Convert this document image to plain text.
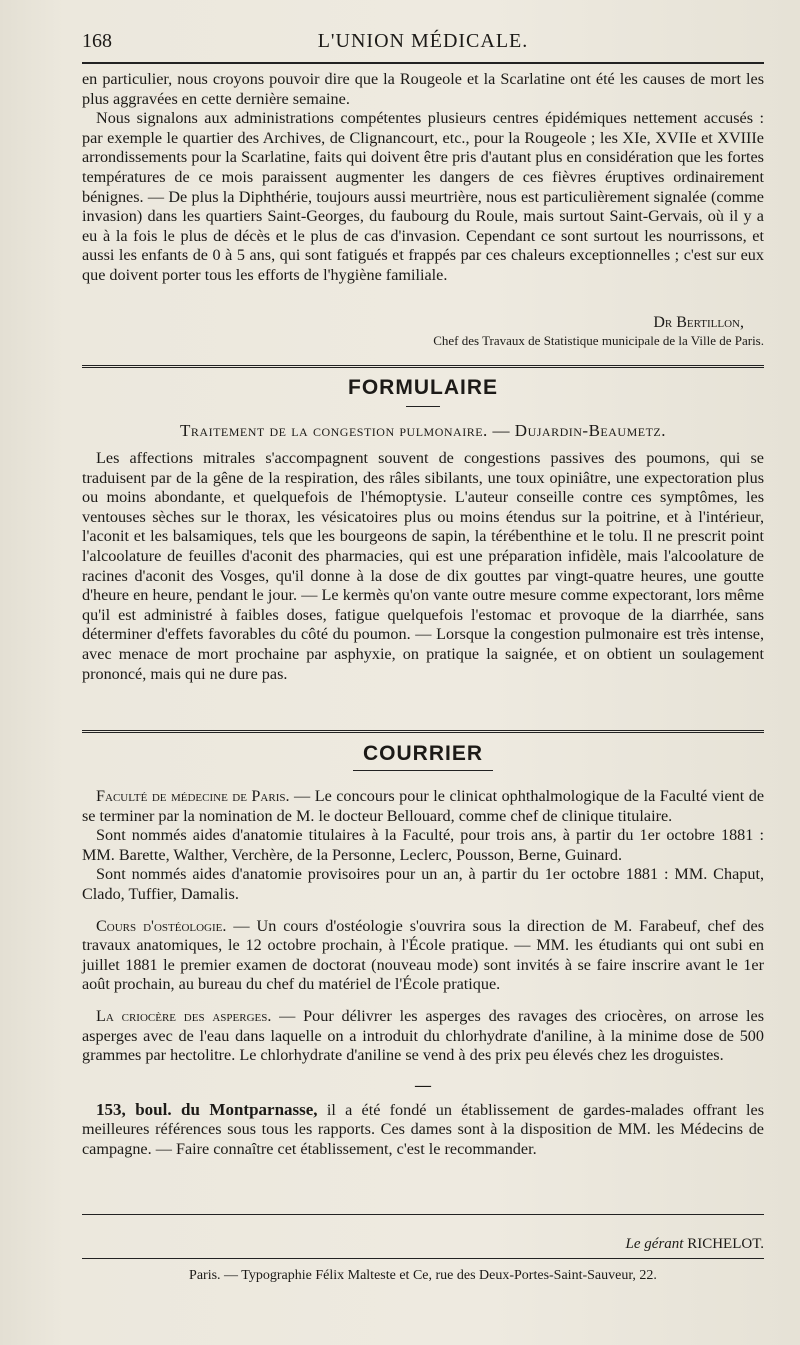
168	L'UNION MÉDICALE.

en particulier, nous croyons pouvoir dire que la Rougeole et la Scarlatine ont été les causes de mort les plus aggravées en cette dernière semaine.

Nous signalons aux administrations compétentes plusieurs centres épidémiques nettement accusés : par exemple le quartier des Archives, de Clignancourt, etc., pour la Rougeole ; les XIe, XVIIe et XVIIIe arrondissements pour la Scarlatine, faits qui doivent être pris d'autant plus en considération que les fortes températures de ce mois paraissent augmenter les dangers de ces fièvres éruptives ordinairement bénignes. — De plus la Diphthérie, toujours aussi meurtrière, nous est particulièrement signalée (comme invasion) dans les quartiers Saint-Georges, du faubourg du Roule, mais surtout Saint-Gervais, où il y a eu à la fois le plus de décès et le plus de cas d'invasion. Cependant ce sont surtout les nourrissons, et aussi les enfants de 0 à 5 ans, qui sont fatigués et frappés par ces chaleurs exceptionnelles ; c'est sur eux que doivent porter tous les efforts de l'hygiène familiale.

Dr Bertillon,
Chef des Travaux de Statistique municipale de la Ville de Paris.
FORMULAIRE
Traitement de la congestion pulmonaire. — Dujardin-Beaumetz.

Les affections mitrales s'accompagnent souvent de congestions passives des poumons, qui se traduisent par de la gêne de la respiration, des râles sibilants, une toux opiniâtre, une expectoration plus ou moins abondante, et quelquefois de l'hémoptysie. L'auteur conseille contre ces symptômes, les ventouses sèches sur le thorax, les vésicatoires plus ou moins étendus sur la poitrine, et à l'intérieur, l'aconit et les balsamiques, tels que les bourgeons de sapin, la térébenthine et le tolu. Il ne prescrit point l'alcoolature de feuilles d'aconit des pharmacies, qui est une préparation infidèle, mais l'alcoolature de racines d'aconit des Vosges, qu'il donne à la dose de dix gouttes par vingt-quatre heures, une goutte d'heure en heure, pendant le jour. — Le kermès qu'on vante outre mesure comme expectorant, lors même qu'il est administré à faibles doses, fatigue quelquefois l'estomac et provoque de la diarrhée, sans déterminer d'effets favorables du côté du poumon. — Lorsque la congestion pulmonaire est très intense, avec menace de mort prochaine par asphyxie, on pratique la saignée, et on obtient un soulagement prononcé, mais qui ne dure pas.

COURRIER

Faculté de médecine de Paris. — Le concours pour le clinicat ophthalmologique de la Faculté vient de se terminer par la nomination de M. le docteur Bellouard, comme chef de clinique titulaire.

Sont nommés aides d'anatomie titulaires à la Faculté, pour trois ans, à partir du 1er octobre 1881 : MM. Barette, Walther, Verchère, de la Personne, Leclerc, Pousson, Berne, Guinard.

Sont nommés aides d'anatomie provisoires pour un an, à partir du 1er octobre 1881 : MM. Chaput, Clado, Tuffier, Damalis.

Cours d'ostéologie. — Un cours d'ostéologie s'ouvrira sous la direction de M. Farabeuf, chef des travaux anatomiques, le 12 octobre prochain, à l'École pratique. — MM. les étudiants qui ont subi en juillet 1881 le premier examen de doctorat (nouveau mode) sont invités à se faire inscrire avant le 1er août prochain, au bureau du chef du matériel de l'École pratique.

La criocère des asperges. — Pour délivrer les asperges des ravages des criocères, on arrose les asperges avec de l'eau dans laquelle on a introduit du chlorhydrate d'aniline, à la minime dose de 500 grammes par hectolitre. Le chlorhydrate d'aniline se vend à des prix peu élevés chez les droguistes.

—

153, boul. du Montparnasse, il a été fondé un établissement de gardes-malades offrant les meilleures références sous tous les rapports. Ces dames sont à la disposition de MM. les Médecins de campagne. — Faire connaître cet établissement, c'est le recommander.

Le gérant RICHELOT.
Paris. — Typographie Félix Malteste et Ce, rue des Deux-Portes-Saint-Sauveur, 22.
